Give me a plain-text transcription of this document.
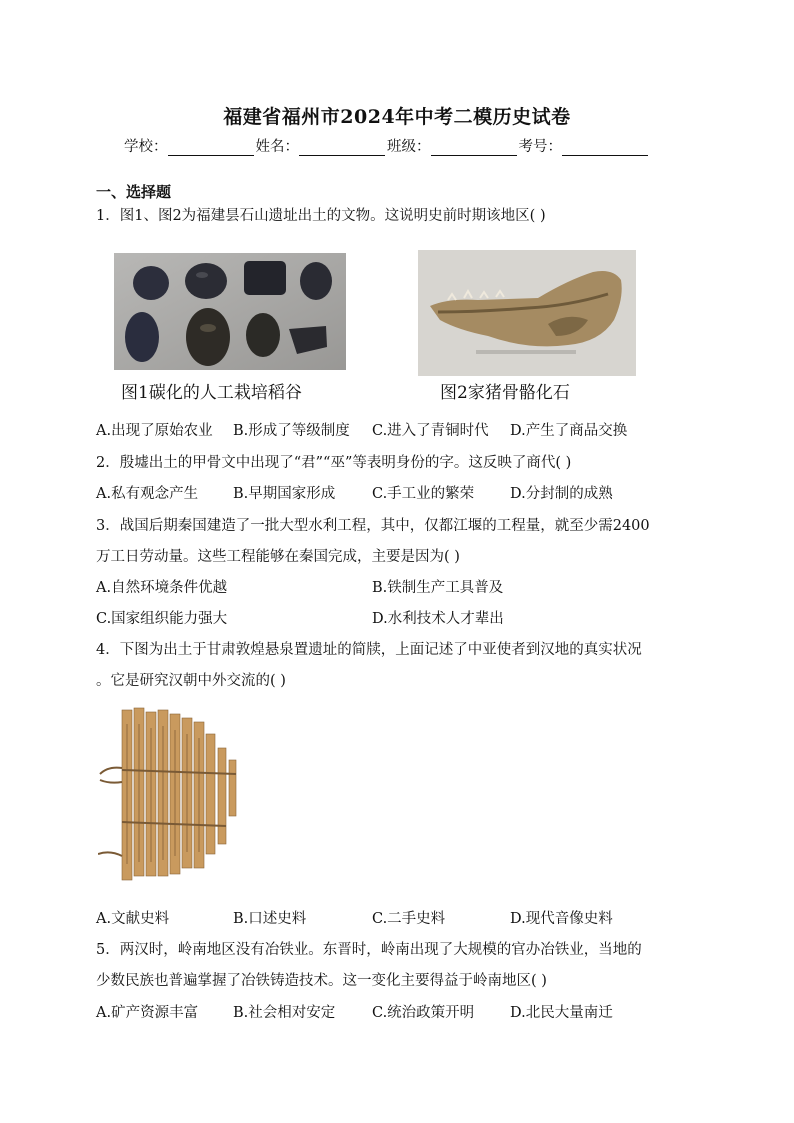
福建省福州市2024年中考二模历史试卷
学校：	姓名：	班级：	考号：
一、选择题
1．图1、图2为福建昙石山遗址出土的文物。这说明史前时期该地区( )
图1碳化的人工栽培稻谷	图2家猪骨骼化石
A.出现了原始农业 B.形成了等级制度 C.进入了青铜时代 D.产生了商品交换
2．殷墟出土的甲骨文中出现了“君”“巫”等表明身份的字。这反映了商代( )
A.私有观念产生 B.早期国家形成	C.手工业的繁荣 D.分封制的成熟
3．战国后期秦国建造了一批大型水利工程，其中，仅都江堰的工程量，就至少需2400
万工日劳动量。这些工程能够在秦国完成，主要是因为( )
A.自然环境条件优越	B.铁制生产工具普及
C.国家组织能力强大	D.水利技术人才辈出
4．下图为出土于甘肃敦煌悬泉置遗址的简牍，上面记述了中亚使者到汉地的真实状况
。它是研究汉朝中外交流的( )
A.文献史料	B.口述史料	C.二手史料	D.现代音像史料
5．两汉时，岭南地区没有冶铁业。东晋时，岭南出现了大规模的官办冶铁业，当地的
少数民族也普遍掌握了冶铁铸造技术。这一变化主要得益于岭南地区( )
A.矿产资源丰富 B.社会相对安定	C.统治政策开明 D.北民大量南迁
